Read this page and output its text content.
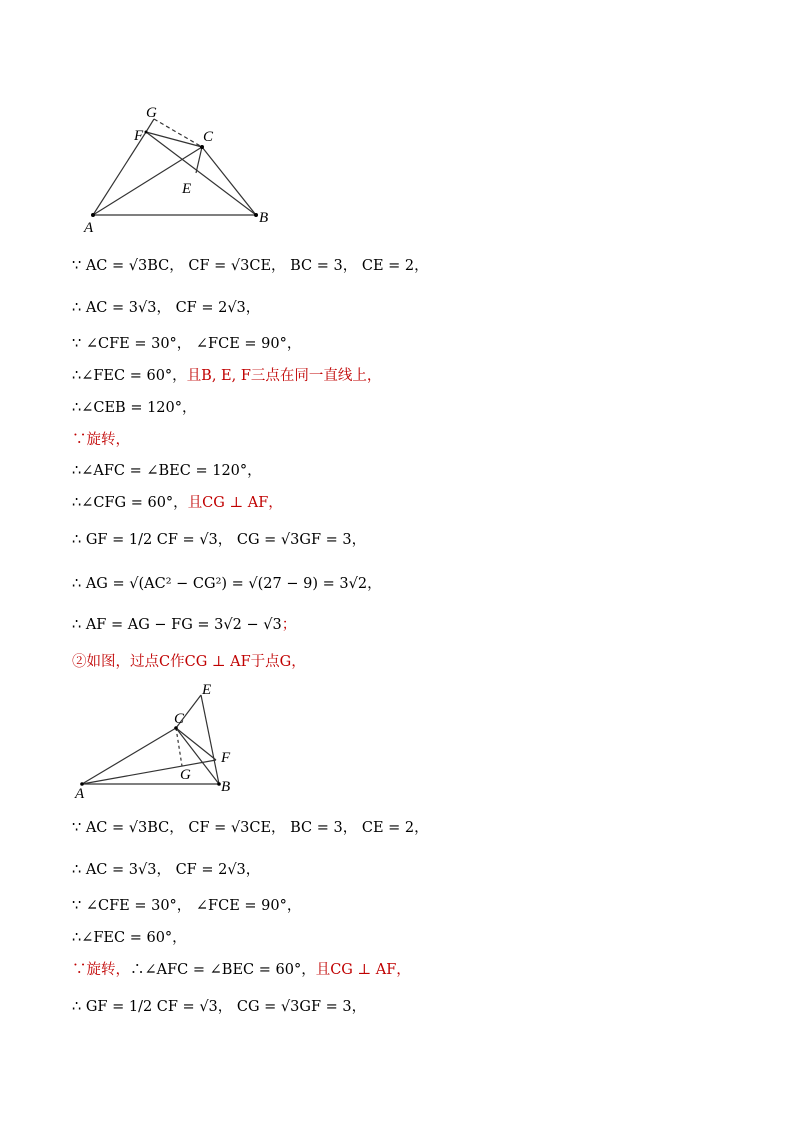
G
F	C
E
A
B
∵ AC = √3BC， CF = √3CE， BC = 3， CE = 2，
∴ AC = 3√3， CF = 2√3，
∵ ∠CFE = 30°， ∠FCE = 90°，
∴∠FEC = 60°，且B, E, F三点在同一直线上，
∴∠CEB = 120°，
∵旋转，
∴∠AFC = ∠BEC = 120°，
∴∠CFG = 60°，且CG ⊥ AF，
∴ GF = 1/2 CF = √3， CG = √3GF = 3，
∴ AG = √(AC² − CG²) = √(27 − 9) = 3√2，
∴ AF = AG − FG = 3√2 − √3；
②如图，过点C作CG ⊥ AF于点G，
E
C
F
G
A	B
∵ AC = √3BC， CF = √3CE， BC = 3， CE = 2，
∴ AC = 3√3， CF = 2√3，
∵ ∠CFE = 30°， ∠FCE = 90°，
∴∠FEC = 60°，
∵旋转，∴∠AFC = ∠BEC = 60°，且CG ⊥ AF，
∴ GF = 1/2 CF = √3， CG = √3GF = 3，
